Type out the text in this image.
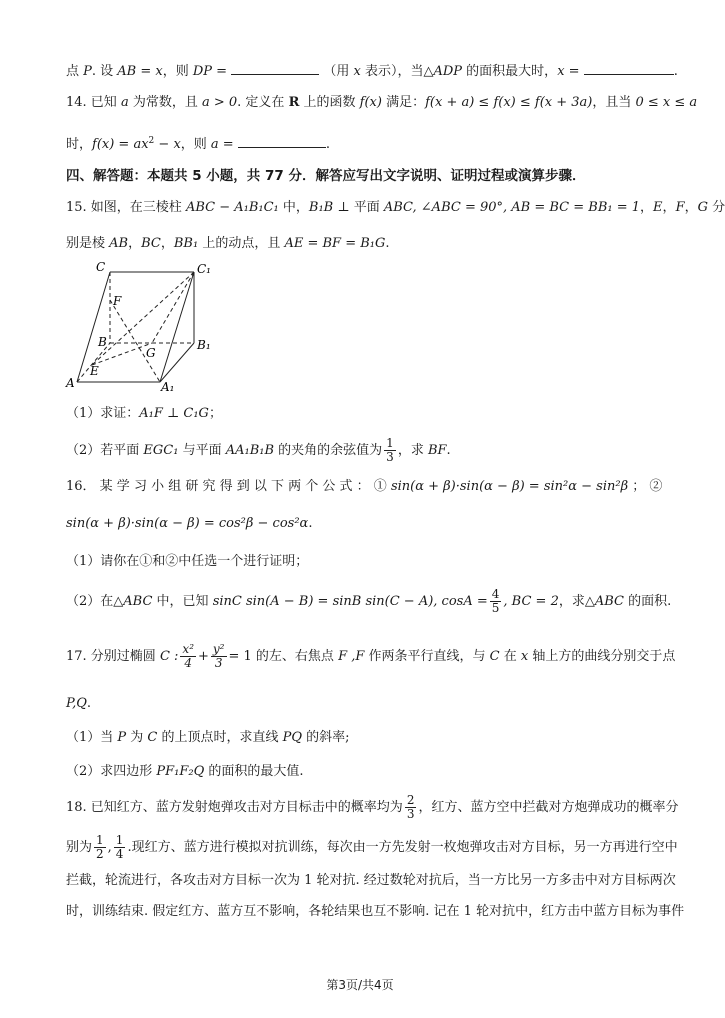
点 P. 设 AB = x，则 DP =	（用 x 表示），当△ADP 的面积最大时，x =	.
14. 已知 a 为常数，且 a > 0. 定义在 R 上的函数 f(x) 满足：f(x + a) ≤ f(x) ≤ f(x + 3a)，且当 0 ≤ x ≤ a
时，$f(x) = ax^2 - x$，则 a =	.
四、解答题：本题共 5 小题，共 77 分．解答应写出文字说明、证明过程或演算步骤．
15. 如图，在三棱柱 ABC − A₁B₁C₁ 中，B₁B ⊥ 平面 ABC, ∠ABC = 90°, AB = BC = BB₁ = 1，E，F，G 分
别是棱 AB，BC，BB₁ 上的动点，且 AE = BF = B₁G.
C	C₁
F
B
G
B₁
E
A	A₁
（1）求证：A₁F ⊥ C₁G；
（2）若平面 EGC₁ 与平面 AA₁B₁B 的夹角的余弦值为 $\frac{1}{3}$ ，求 BF.
16． 某 学 习 小 组 研 究 得 到 以 下 两 个 公 式 ： ① sin(α + β)·sin(α − β) = sin²α − sin²β ； ②
sin(α + β)·sin(α − β) = cos²β − cos²α.
（1）请你在①和②中任选一个进行证明；
（2）在△ABC 中，已知 sinC sin(A − B) = sinB sin(C − A), $\cos A = \frac{4}{5}$ , BC = 2，求△ABC 的面积.
17. 分别过椭圆 C : $\frac{\text{x²}}{4} + \frac{\text{y²}}{3} = 1$ 的左、右焦点 F ,F 作两条平行直线，与 C 在 x 轴上方的曲线分别交于点
P,Q.
（1）当 P 为 C 的上顶点时，求直线 PQ 的斜率;
（2）求四边形 PF₁F₂Q 的面积的最大值.
18. 已知红方、蓝方发射炮弹攻击对方目标击中的概率均为 $\frac{2}{3}$ ，红方、蓝方空中拦截对方炮弹成功的概率分
别为 $\frac{1}{2}$ , $\frac{1}{4}$ .现红方、蓝方进行模拟对抗训练，每次由一方先发射一枚炮弹攻击对方目标，另一方再进行空中
拦截，轮流进行，各攻击对方目标一次为 1 轮对抗. 经过数轮对抗后，当一方比另一方多击中对方目标两次
时，训练结束. 假定红方、蓝方互不影响，各轮结果也互不影响. 记在 1 轮对抗中，红方击中蓝方目标为事件
第3页/共4页
